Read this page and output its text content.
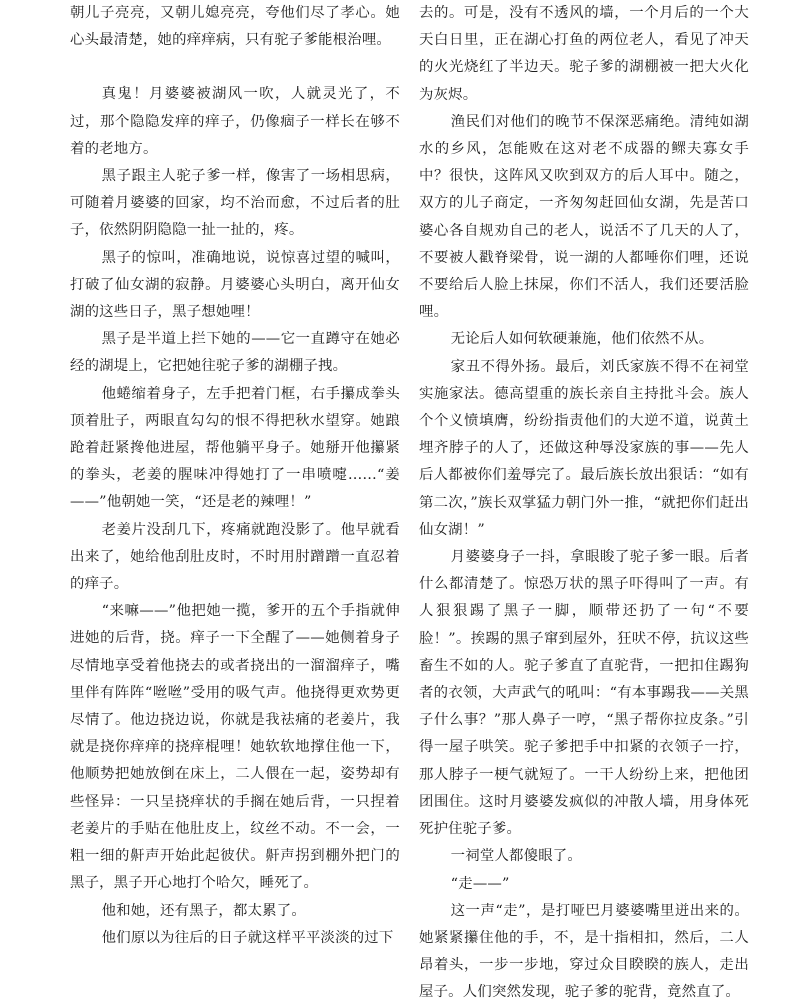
朝儿子亮亮，又朝儿媳亮亮，夸他们尽了孝心。她心头最清楚，她的痒痒病，只有驼子爹能根治哩。

真鬼！月婆婆被湖风一吹，人就灵光了，不过，那个隐隐发痒的痒子，仍像痼子一样长在够不着的老地方。

黑子跟主人驼子爹一样，像害了一场相思病，可随着月婆婆的回家，均不治而愈，不过后者的肚子，依然阴阴隐隐一扯一扯的，疼。

黑子的惊叫，准确地说，说惊喜过望的喊叫，打破了仙女湖的寂静。月婆婆心头明白，离开仙女湖的这些日子，黑子想她哩！

黑子是半道上拦下她的——它一直蹲守在她必经的湖堤上，它把她往驼子爹的湖棚子拽。

他蜷缩着身子，左手把着门框，右手攥成拳头顶着肚子，两眼直勾勾的恨不得把秋水望穿。她踉跄着赶紧搀他进屋，帮他躺平身子。她掰开他攥紧的拳头，老姜的腥味冲得她打了一串喷嚏……“姜——”他朝她一笑，“还是老的辣哩！”

老姜片没刮几下，疼痛就跑没影了。他早就看出来了，她给他刮肚皮时，不时用肘蹭蹭一直忍着的痒子。

“来嘛——”他把她一揽，爹开的五个手指就伸进她的后背，挠。痒子一下全醒了——她侧着身子尽情地享受着他挠去的或者挠出的一溜溜痒子，嘴里伴有阵阵“咝咝”受用的吸气声。他挠得更欢势更尽情了。他边挠边说，你就是我祛痛的老姜片，我就是挠你痒痒的挠痒棍哩！她软软地撑住他一下，他顺势把她放倒在床上，二人偎在一起，姿势却有些怪异：一只呈挠痒状的手搁在她后背，一只捏着老姜片的手贴在他肚皮上，纹丝不动。不一会，一粗一细的鼾声开始此起彼伏。鼾声拐到棚外把门的黑子，黑子开心地打个哈欠，睡死了。

他和她，还有黑子，都太累了。

他们原以为往后的日子就这样平平淡淡的过下

去的。可是，没有不透风的墙，一个月后的一个大天白日里，正在湖心打鱼的两位老人，看见了冲天的火光烧红了半边天。驼子爹的湖棚被一把大火化为灰烬。

渔民们对他们的晚节不保深恶痛绝。清纯如湖水的乡风，怎能败在这对老不成器的鳏夫寡女手中？很快，这阵风又吹到双方的后人耳中。随之，双方的儿子商定，一齐匆匆赶回仙女湖，先是苦口婆心各自规劝自己的老人，说活不了几天的人了，不要被人戳脊梁骨，说一湖的人都唾你们哩，还说不要给后人脸上抹屎，你们不活人，我们还要活脸哩。

无论后人如何软硬兼施，他们依然不从。

家丑不得外扬。最后，刘氏家族不得不在祠堂实施家法。德高望重的族长亲自主持批斗会。族人个个义愤填膺，纷纷指责他们的大逆不道，说黄土埋齐脖子的人了，还做这种辱没家族的事——先人后人都被你们羞辱完了。最后族长放出狠话：“如有第二次，”族长双掌猛力朝门外一推，“就把你们赶出仙女湖！”

月婆婆身子一抖，拿眼睃了驼子爹一眼。后者什么都清楚了。惊恐万状的黑子吓得叫了一声。有人狠狠踢了黑子一脚，顺带还扔了一句“不要脸！”。挨踢的黑子窜到屋外，狂吠不停，抗议这些畜生不如的人。驼子爹直了直驼背，一把扣住踢狗者的衣领，大声武气的吼叫：“有本事踢我——关黑子什么事？”那人鼻子一哼，“黑子帮你拉皮条。”引得一屋子哄笑。驼子爹把手中扣紧的衣领子一拧，那人脖子一梗气就短了。一干人纷纷上来，把他团团围住。这时月婆婆发疯似的冲散人墙，用身体死死护住驼子爹。

一祠堂人都傻眼了。

“走——”

这一声“走”，是打哑巴月婆婆嘴里迸出来的。她紧紧攥住他的手，不，是十指相扣，然后，二人昂着头，一步一步地，穿过众目睽睽的族人，走出屋子。人们突然发现，驼子爹的驼背，竟然直了。
